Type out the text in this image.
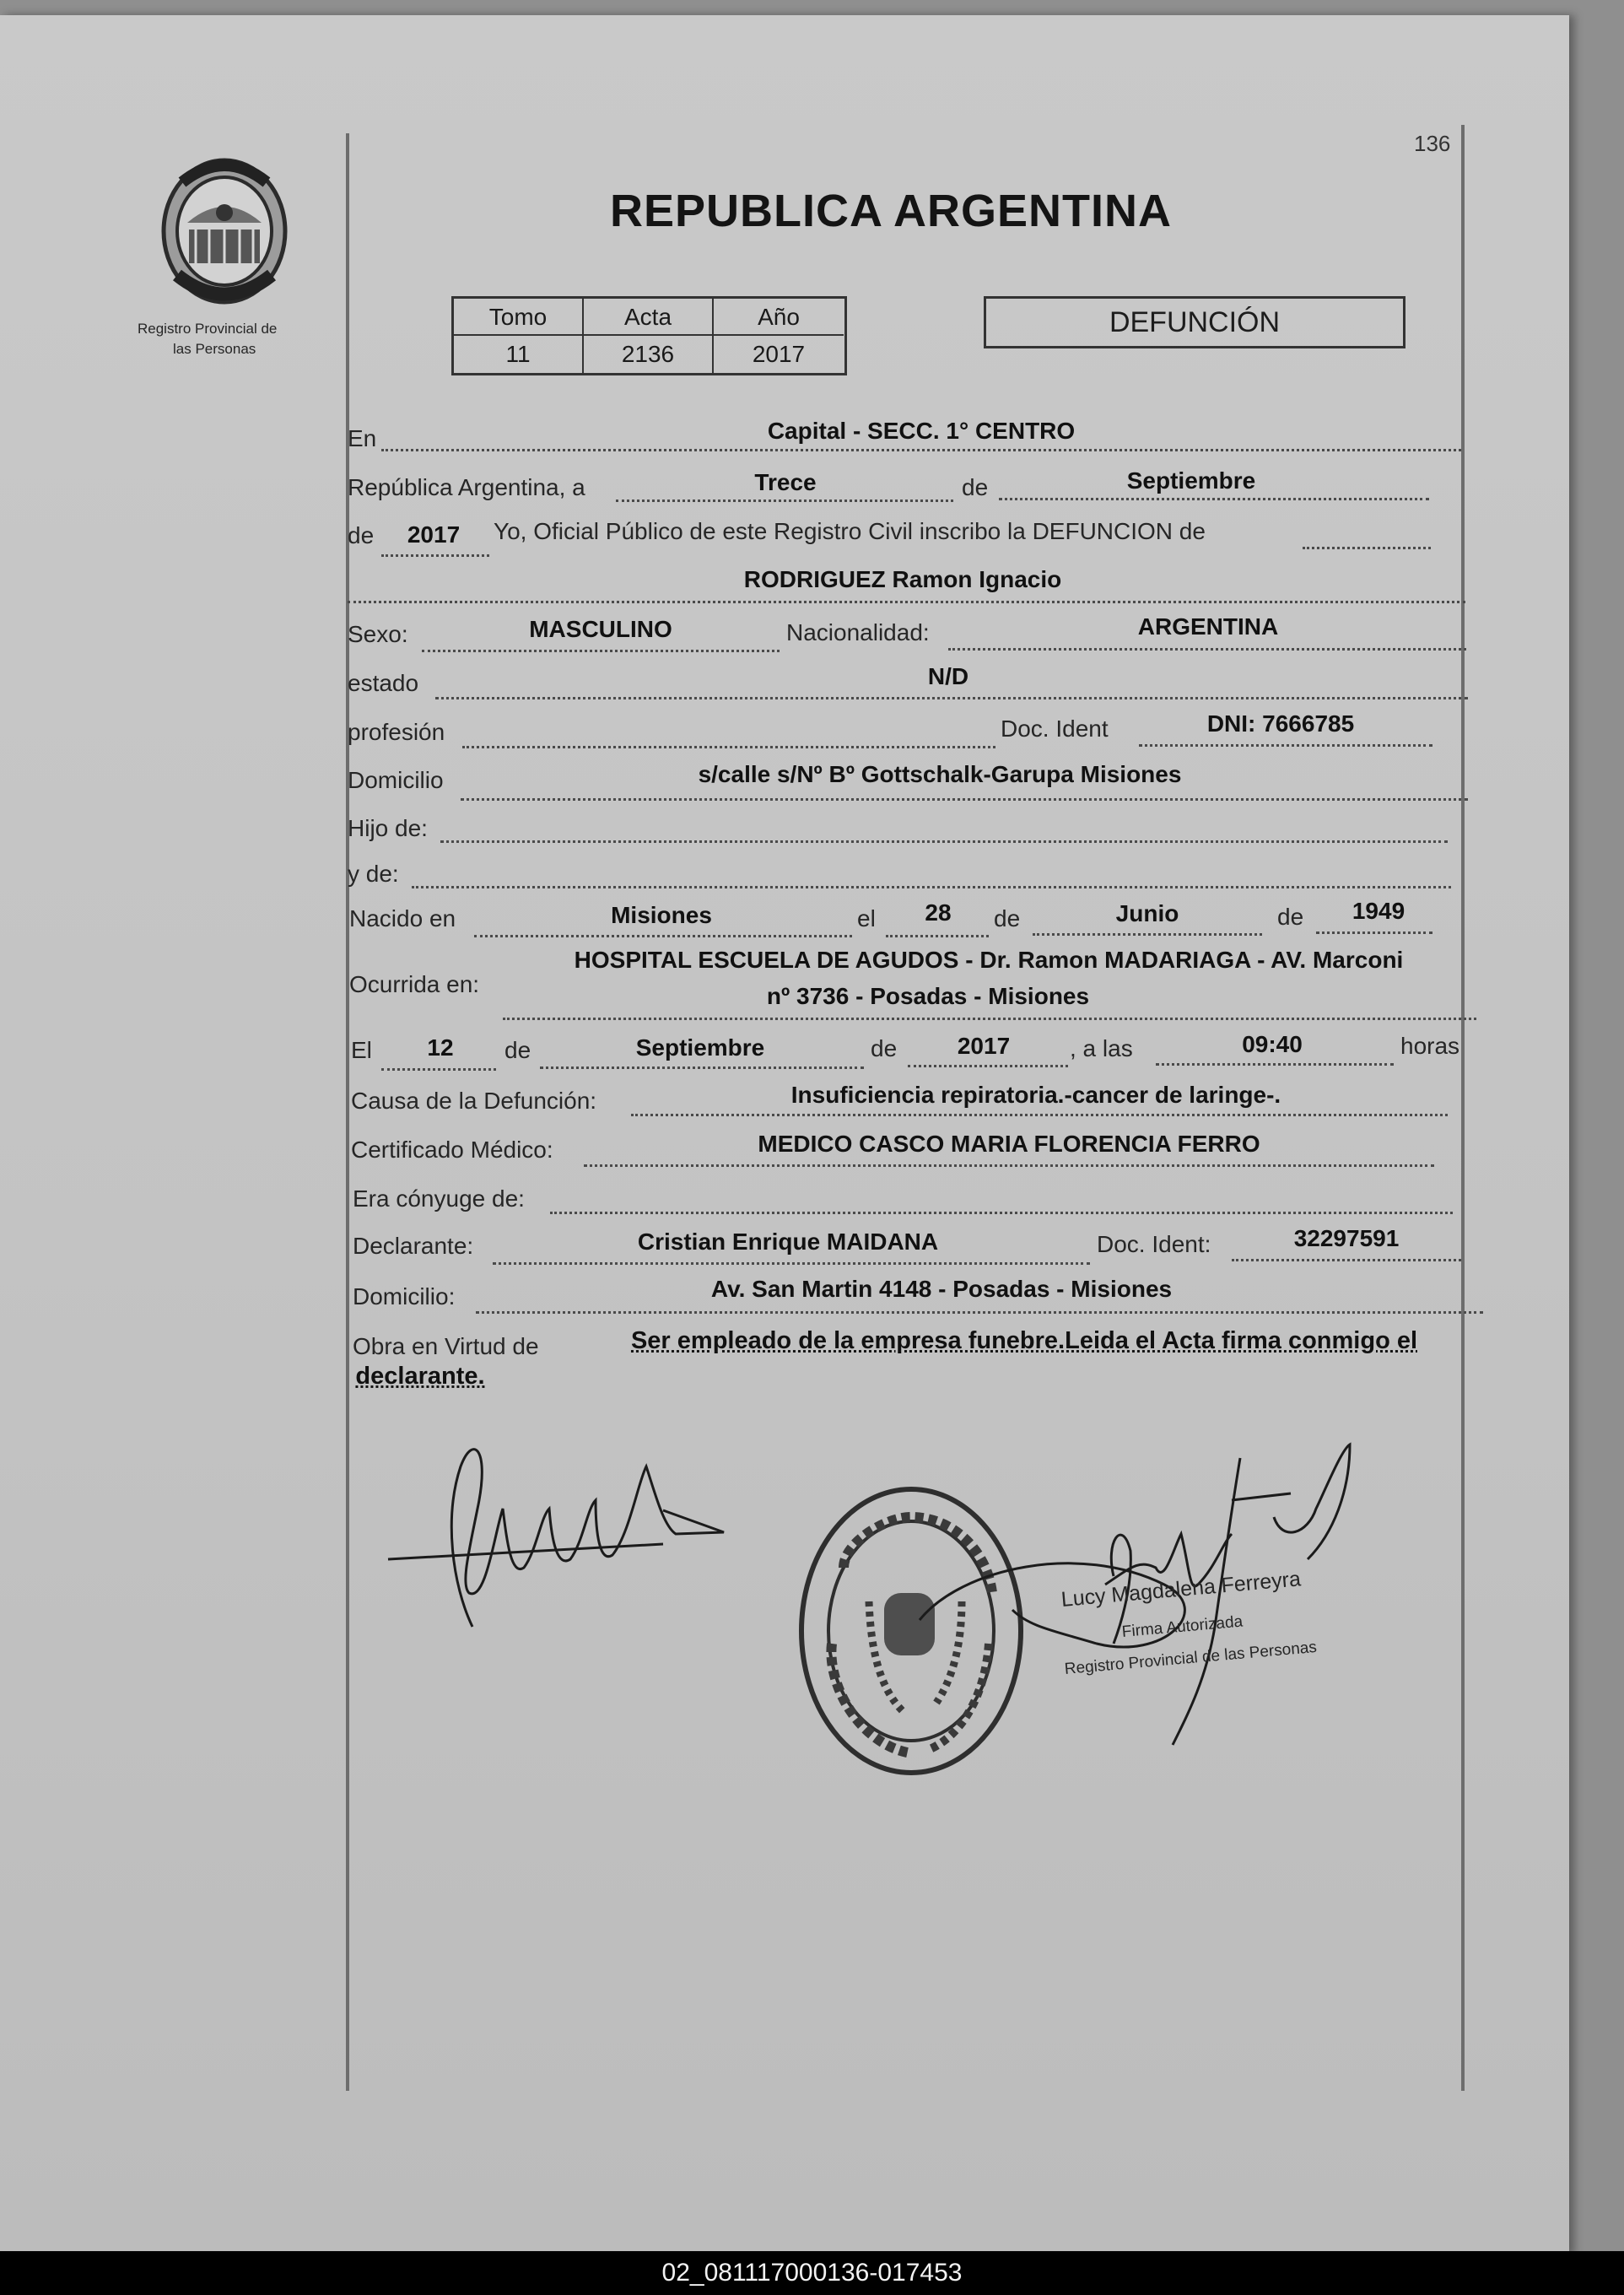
136
Registro Provincial de
las Personas
REPUBLICA ARGENTINA
Tomo	Acta	Año
11	2136	2017
DEFUNCIÓN
En	Capital - SECC. 1° CENTRO
República Argentina, a	Trece	de	Septiembre
de 2017 Yo, Oficial Público de este Registro Civil inscribo la DEFUNCION de
RODRIGUEZ Ramon Ignacio
Sexo:	MASCULINO	Nacionalidad:	ARGENTINA
estado	N/D
profesión	Doc. Ident	DNI: 7666785
Domicilio	s/calle s/Nº Bº Gottschalk-Garupa Misiones
Hijo de:
y de:
Nacido en	Misiones	el 28 de	Junio	de 1949
Ocurrida en:
HOSPITAL ESCUELA DE AGUDOS - Dr. Ramon MADARIAGA - AV. Marconi
nº 3736 - Posadas - Misiones
El 12 de	Septiembre	de	2017	, a las	09:40	horas
Causa de la Defunción:	Insuficiencia repiratoria.-cancer de laringe-.
Certificado Médico:	MEDICO CASCO MARIA FLORENCIA FERRO
Era cónyuge de:
Declarante:	Cristian Enrique MAIDANA	Doc. Ident:	32297591
Domicilio:	Av. San Martin 4148 - Posadas - Misiones
Obra en Virtud de	Ser empleado de la empresa funebre.Leida el Acta firma conmigo el
declarante.
Lucy Magdalena Ferreyra
Firma Autorizada
Registro Provincial de las Personas
02_081117000136-017453
